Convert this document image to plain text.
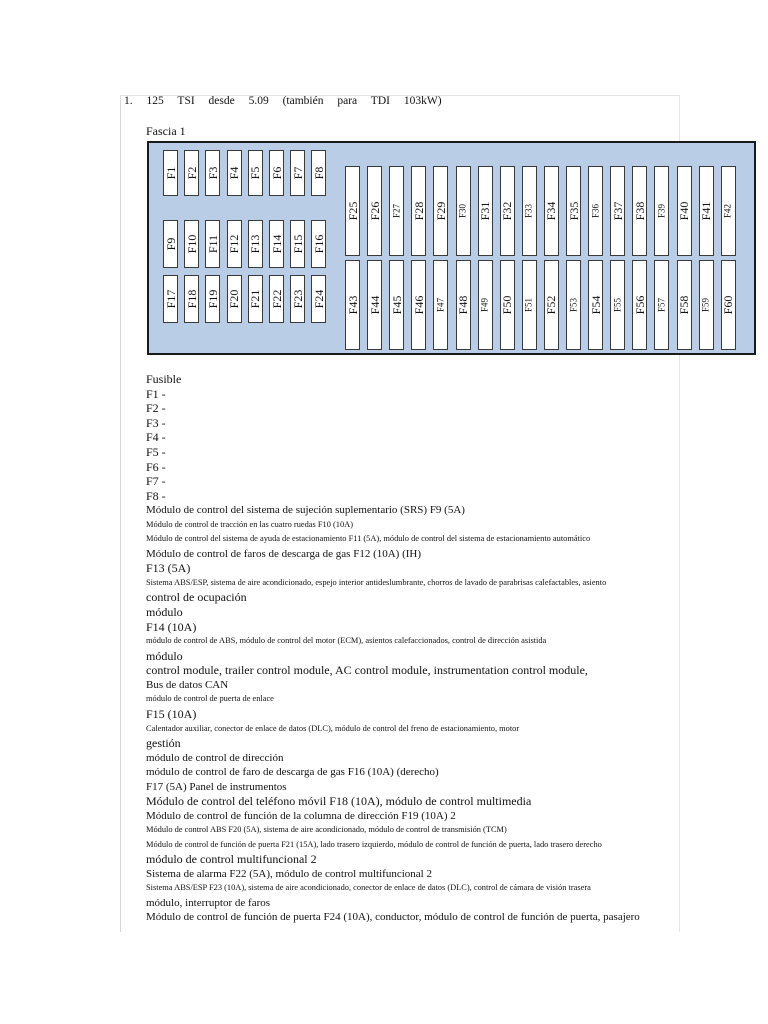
1. 125 TSI desde 5.09 (también para TDI 103kW)
Fascia 1
F1 F2 F3 F4 F5 F6 F7 F8
F9 F10 F11 F12 F13 F14 F15 F16
F17 F18 F19 F20 F21 F22 F23 F24
F25 F26 F27 F28 F29 F30 F31 F32 F33 F34 F35 F36 F37 F38 F39 F40 F41 F42
F43 F44 F45 F46 F47 F48 F49 F50 F51 F52 F53 F54 F55 F56 F57 F58 F59 F60
Fusible
F1 -
F2 -
F3 -
F4 -
F5 -
F6 -
F7 -
F8 -
Módulo de control del sistema de sujeción suplementario (SRS) F9 (5A)
Módulo de control de tracción en las cuatro ruedas F10 (10A)
Módulo de control del sistema de ayuda de estacionamiento F11 (5A), módulo de control del sistema de estacionamiento automático
Módulo de control de faros de descarga de gas F12 (10A) (IH)
F13 (5A)
Sistema ABS/ESP, sistema de aire acondicionado, espejo interior antideslumbrante, chorros de lavado de parabrisas calefactables, asiento
control de ocupación
módulo
F14 (10A)
módulo de control de ABS, módulo de control del motor (ECM), asientos calefaccionados, control de dirección asistida
módulo
control module, trailer control module, AC control module, instrumentation control module,
Bus de datos CAN
módulo de control de puerta de enlace
F15 (10A)
Calentador auxiliar, conector de enlace de datos (DLC), módulo de control del freno de estacionamiento, motor
gestión
módulo de control de dirección
módulo de control de faro de descarga de gas F16 (10A) (derecho)
F17 (5A) Panel de instrumentos
Módulo de control del teléfono móvil F18 (10A), módulo de control multimedia
Módulo de control de función de la columna de dirección F19 (10A) 2
Módulo de control ABS F20 (5A), sistema de aire acondicionado, módulo de control de transmisión (TCM)
Módulo de control de función de puerta F21 (15A), lado trasero izquierdo, módulo de control de función de puerta, lado trasero derecho
módulo de control multifuncional 2
Sistema de alarma F22 (5A), módulo de control multifuncional 2
Sistema ABS/ESP F23 (10A), sistema de aire acondicionado, conector de enlace de datos (DLC), control de cámara de visión trasera
módulo, interruptor de faros
Módulo de control de función de puerta F24 (10A), conductor, módulo de control de función de puerta, pasajero
